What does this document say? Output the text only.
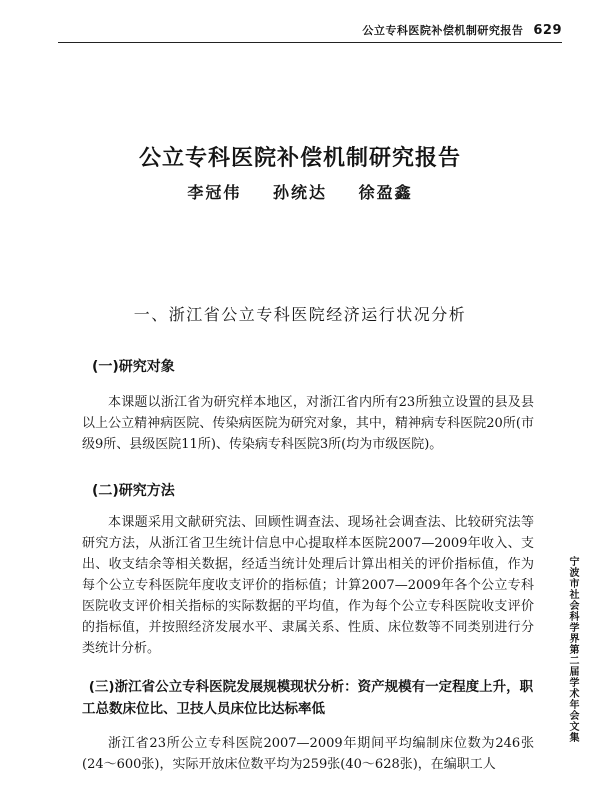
公立专科医院补偿机制研究报告 629
公立专科医院补偿机制研究报告
李冠伟 孙统达 徐盈鑫
一、浙江省公立专科医院经济运行状况分析
(一)研究对象

本课题以浙江省为研究样本地区，对浙江省内所有23所独立设置的县及县以上公立精神病医院、传染病医院为研究对象，其中，精神病专科医院20所(市级9所、县级医院11所)、传染病专科医院3所(均为市级医院)。

(二)研究方法

本课题采用文献研究法、回顾性调查法、现场社会调查法、比较研究法等研究方法，从浙江省卫生统计信息中心提取样本医院2007—2009年收入、支出、收支结余等相关数据，经适当统计处理后计算出相关的评价指标值，作为每个公立专科医院年度收支评价的指标值；计算2007—2009年各个公立专科医院收支评价相关指标的实际数据的平均值，作为每个公立专科医院收支评价的指标值，并按照经济发展水平、隶属关系、性质、床位数等不同类别进行分类统计分析。

(三)浙江省公立专科医院发展规模现状分析：资产规模有一定程度上升，职工总数床位比、卫技人员床位比达标率低

浙江省23所公立专科医院2007—2009年期间平均编制床位数为246张(24～600张)，实际开放床位数平均为259张(40～628张)，在编职工人

宁波市社会科学界第二届学术年会文集
